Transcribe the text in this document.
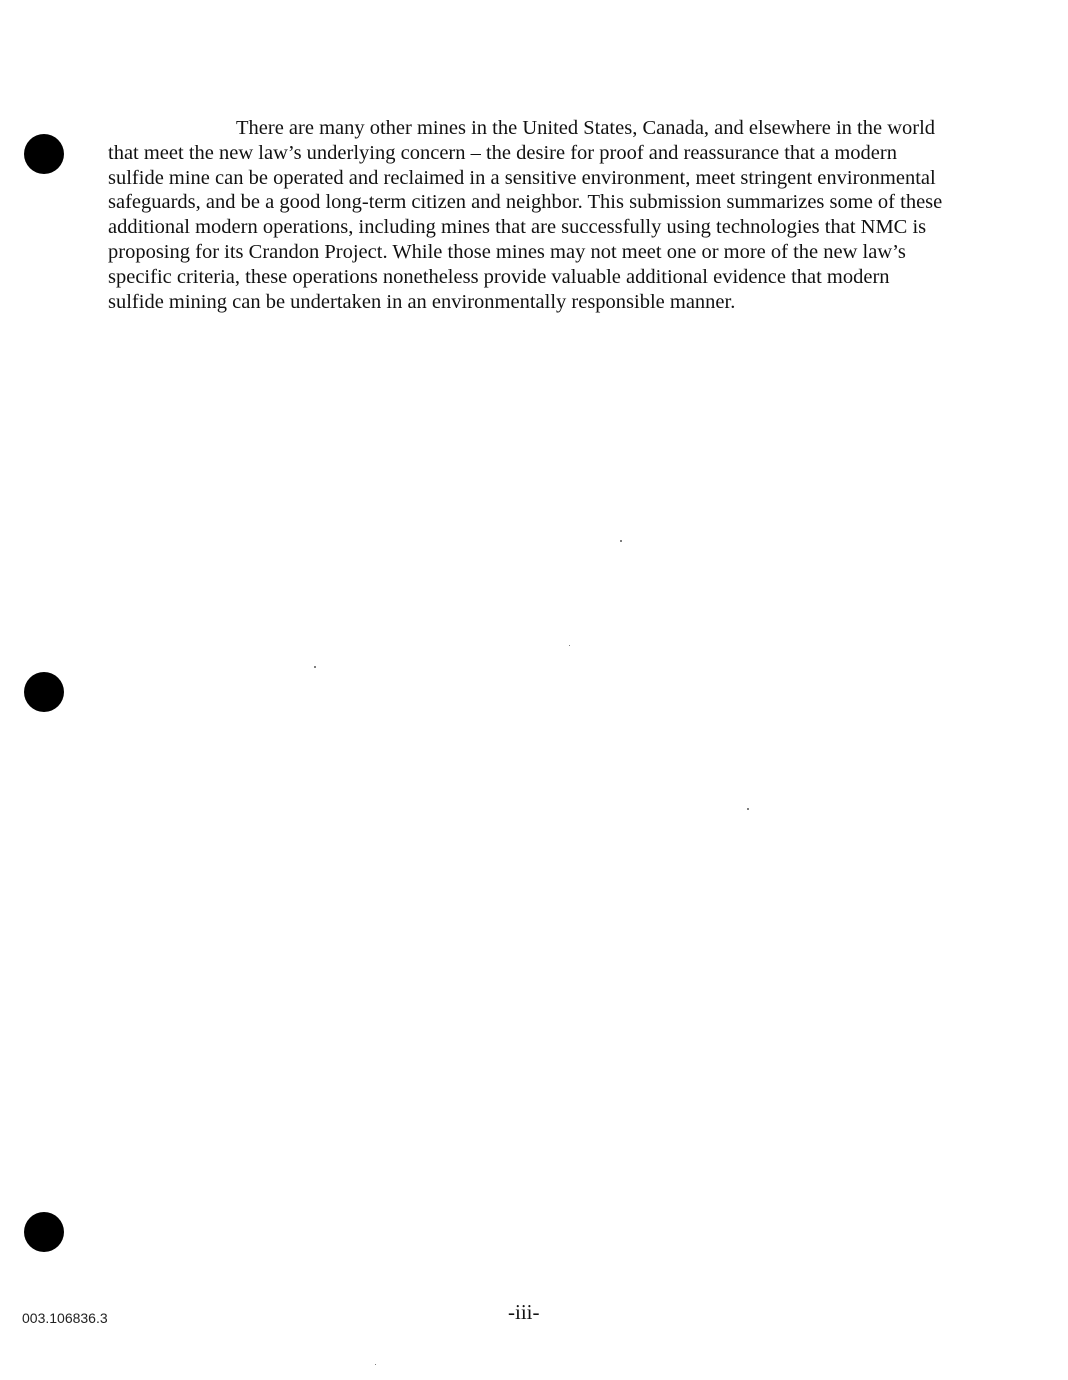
There are many other mines in the United States, Canada, and elsewhere in the world that meet the new law’s underlying concern – the desire for proof and reassurance that a modern sulfide mine can be operated and reclaimed in a sensitive environment, meet stringent environmental safeguards, and be a good long-term citizen and neighbor. This submission summarizes some of these additional modern operations, including mines that are successfully using technologies that NMC is proposing for its Crandon Project. While those mines may not meet one or more of the new law’s specific criteria, these operations nonetheless provide valuable additional evidence that modern sulfide mining can be undertaken in an environmentally responsible manner.

003.106836.3	-iii-
